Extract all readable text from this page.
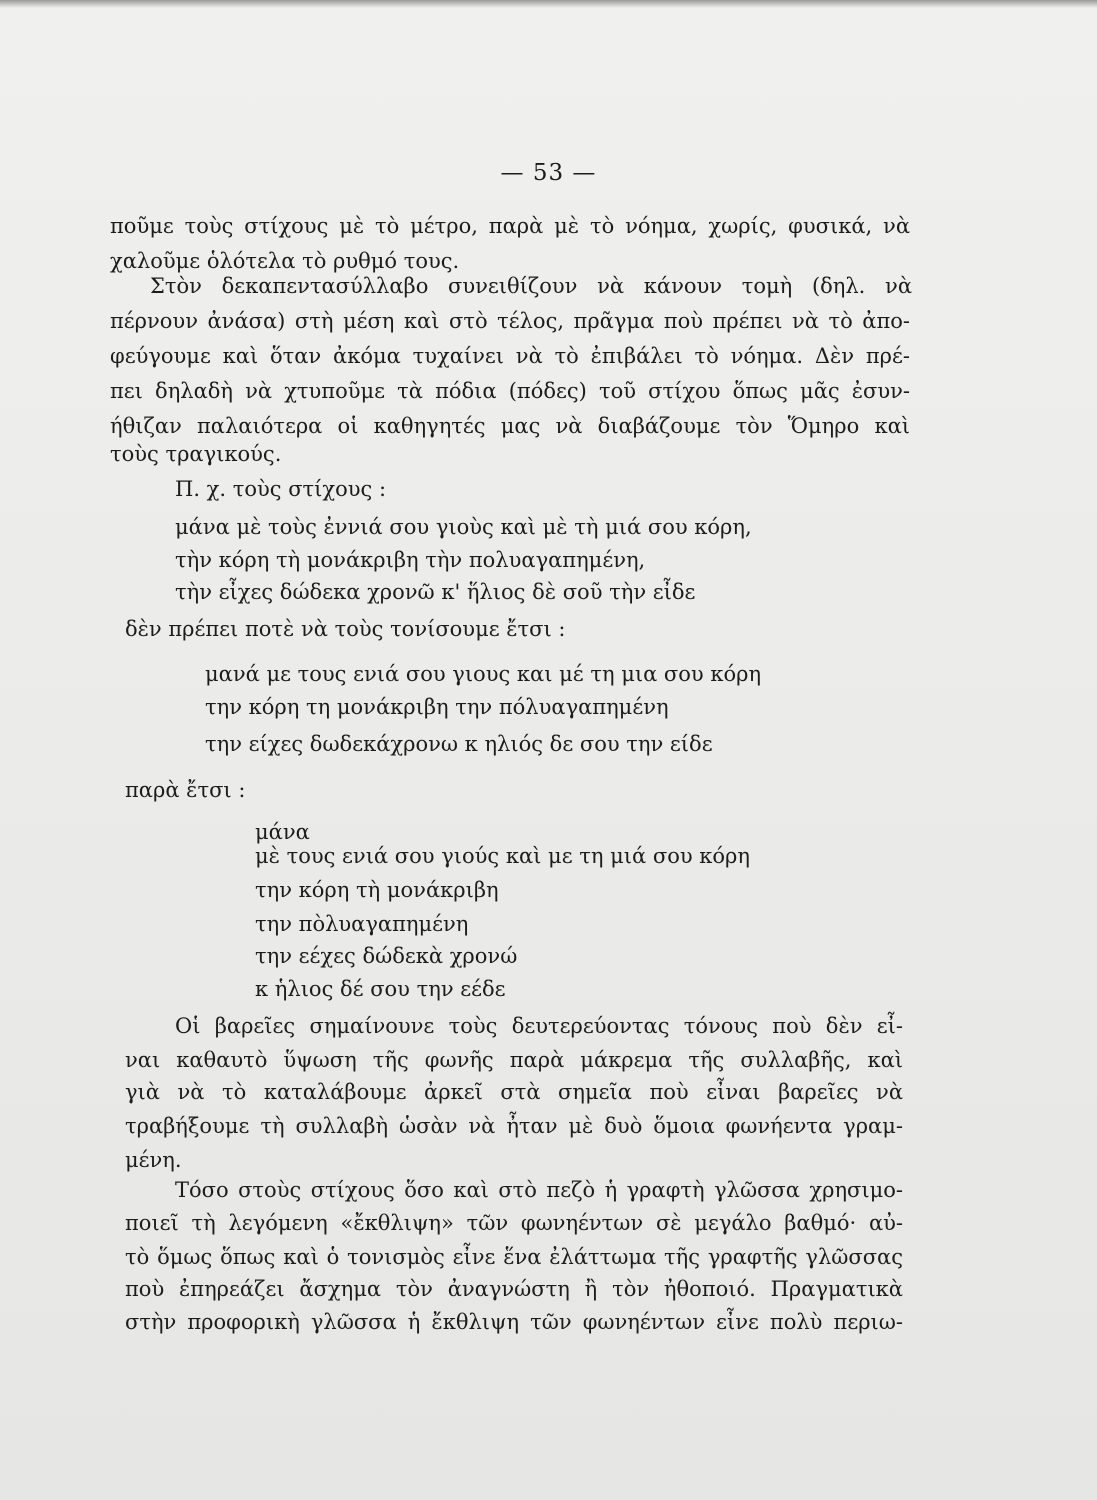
— 53 —
ποῦμε τοὺς στίχους μὲ τὸ μέτρο, παρὰ μὲ τὸ νόημα, χωρίς, φυσικά, νὰ
χαλοῦμε ὁλότελα τὸ ρυθμό τους.
Στὸν δεκαπεντασύλλαβο συνειθίζουν νὰ κάνουν τομὴ (δηλ. νὰ
πέρνουν ἀνάσα) στὴ μέση καὶ στὸ τέλος, πρᾶγμα ποὺ πρέπει νὰ τὸ ἀπο-
φεύγουμε καὶ ὅταν ἀκόμα τυχαίνει νὰ τὸ ἐπιβάλει τὸ νόημα. Δὲν πρέ-
πει δηλαδὴ νὰ χτυποῦμε τὰ πόδια (πόδες) τοῦ στίχου ὅπως μᾶς ἐσυν-
ήθιζαν παλαιότερα οἱ καθηγητές μας νὰ διαβάζουμε τὸν Ὅμηρο καὶ
τοὺς τραγικούς.
Π. χ. τοὺς στίχους :
μάνα μὲ τοὺς ἐννιά σου γιοὺς καὶ μὲ τὴ μιά σου κόρη,
τὴν κόρη τὴ μονάκριβη τὴν πολυαγαπημένη,
τὴν εἶχες δώδεκα χρονῶ κ' ἥλιος δὲ σοῦ τὴν εἶδε
δὲν πρέπει ποτὲ νὰ τοὺς τονίσουμε ἔτσι :
μανά με τους ενιά σου γιους και μέ τη μια σου κόρη
την κόρη τη μονάκριβη την πόλυαγαπημένη
την είχες δωδεκάχρονω κ ηλιός δε σου την είδε
παρὰ ἔτσι :
μάνα
μὲ τους ενιά σου γιούς καὶ με τη μιά σου κόρη
την κόρη τὴ μονάκριβη
την πὸλυαγαπημένη
την εέχες δώδεκὰ χρονώ
κ ἡλιος δέ σου την εέδε
Οἱ βαρεῖες σημαίνουνε τοὺς δευτερεύοντας τόνους ποὺ δὲν εἶ-
ναι καθαυτὸ ὕψωση τῆς φωνῆς παρὰ μάκρεμα τῆς συλλαβῆς, καὶ
γιὰ νὰ τὸ καταλάβουμε ἀρκεῖ στὰ σημεῖα ποὺ εἶναι βαρεῖες νὰ
τραβήξουμε τὴ συλλαβὴ ὡσὰν νὰ ἦταν μὲ δυὸ ὅμοια φωνήεντα γραμ-
μένη.
Τόσο στοὺς στίχους ὅσο καὶ στὸ πεζὸ ἡ γραφτὴ γλῶσσα χρησιμο-
ποιεῖ τὴ λεγόμενη «ἔκθλιψη» τῶν φωνηέντων σὲ μεγάλο βαθμό· αὐ-
τὸ ὅμως ὅπως καὶ ὁ τονισμὸς εἶνε ἕνα ἐλάττωμα τῆς γραφτῆς γλῶσσας
ποὺ ἐπηρεάζει ἄσχημα τὸν ἀναγνώστη ἢ τὸν ἠθοποιό. Πραγματικὰ
στὴν προφορικὴ γλῶσσα ἡ ἔκθλιψη τῶν φωνηέντων εἶνε πολὺ περιω-
